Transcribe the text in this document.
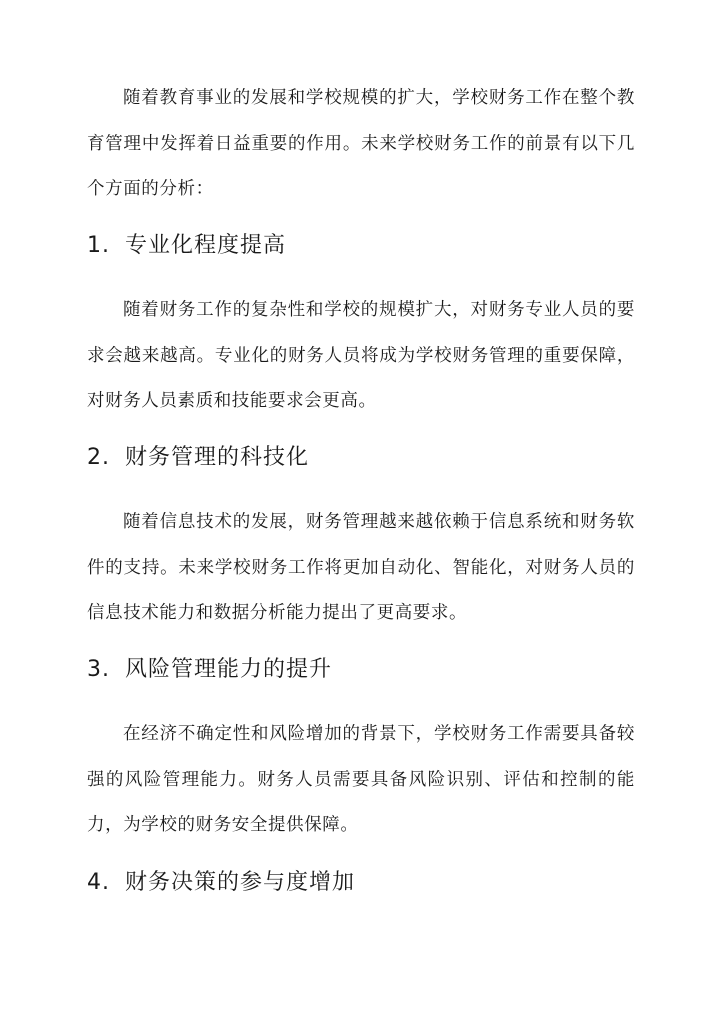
随着教育事业的发展和学校规模的扩大，学校财务工作在整个教育管理中发挥着日益重要的作用。未来学校财务工作的前景有以下几个方面的分析：

1. 专业化程度提高

随着财务工作的复杂性和学校的规模扩大，对财务专业人员的要求会越来越高。专业化的财务人员将成为学校财务管理的重要保障，对财务人员素质和技能要求会更高。

2. 财务管理的科技化

随着信息技术的发展，财务管理越来越依赖于信息系统和财务软件的支持。未来学校财务工作将更加自动化、智能化，对财务人员的信息技术能力和数据分析能力提出了更高要求。

3. 风险管理能力的提升

在经济不确定性和风险增加的背景下，学校财务工作需要具备较强的风险管理能力。财务人员需要具备风险识别、评估和控制的能力，为学校的财务安全提供保障。

4. 财务决策的参与度增加
